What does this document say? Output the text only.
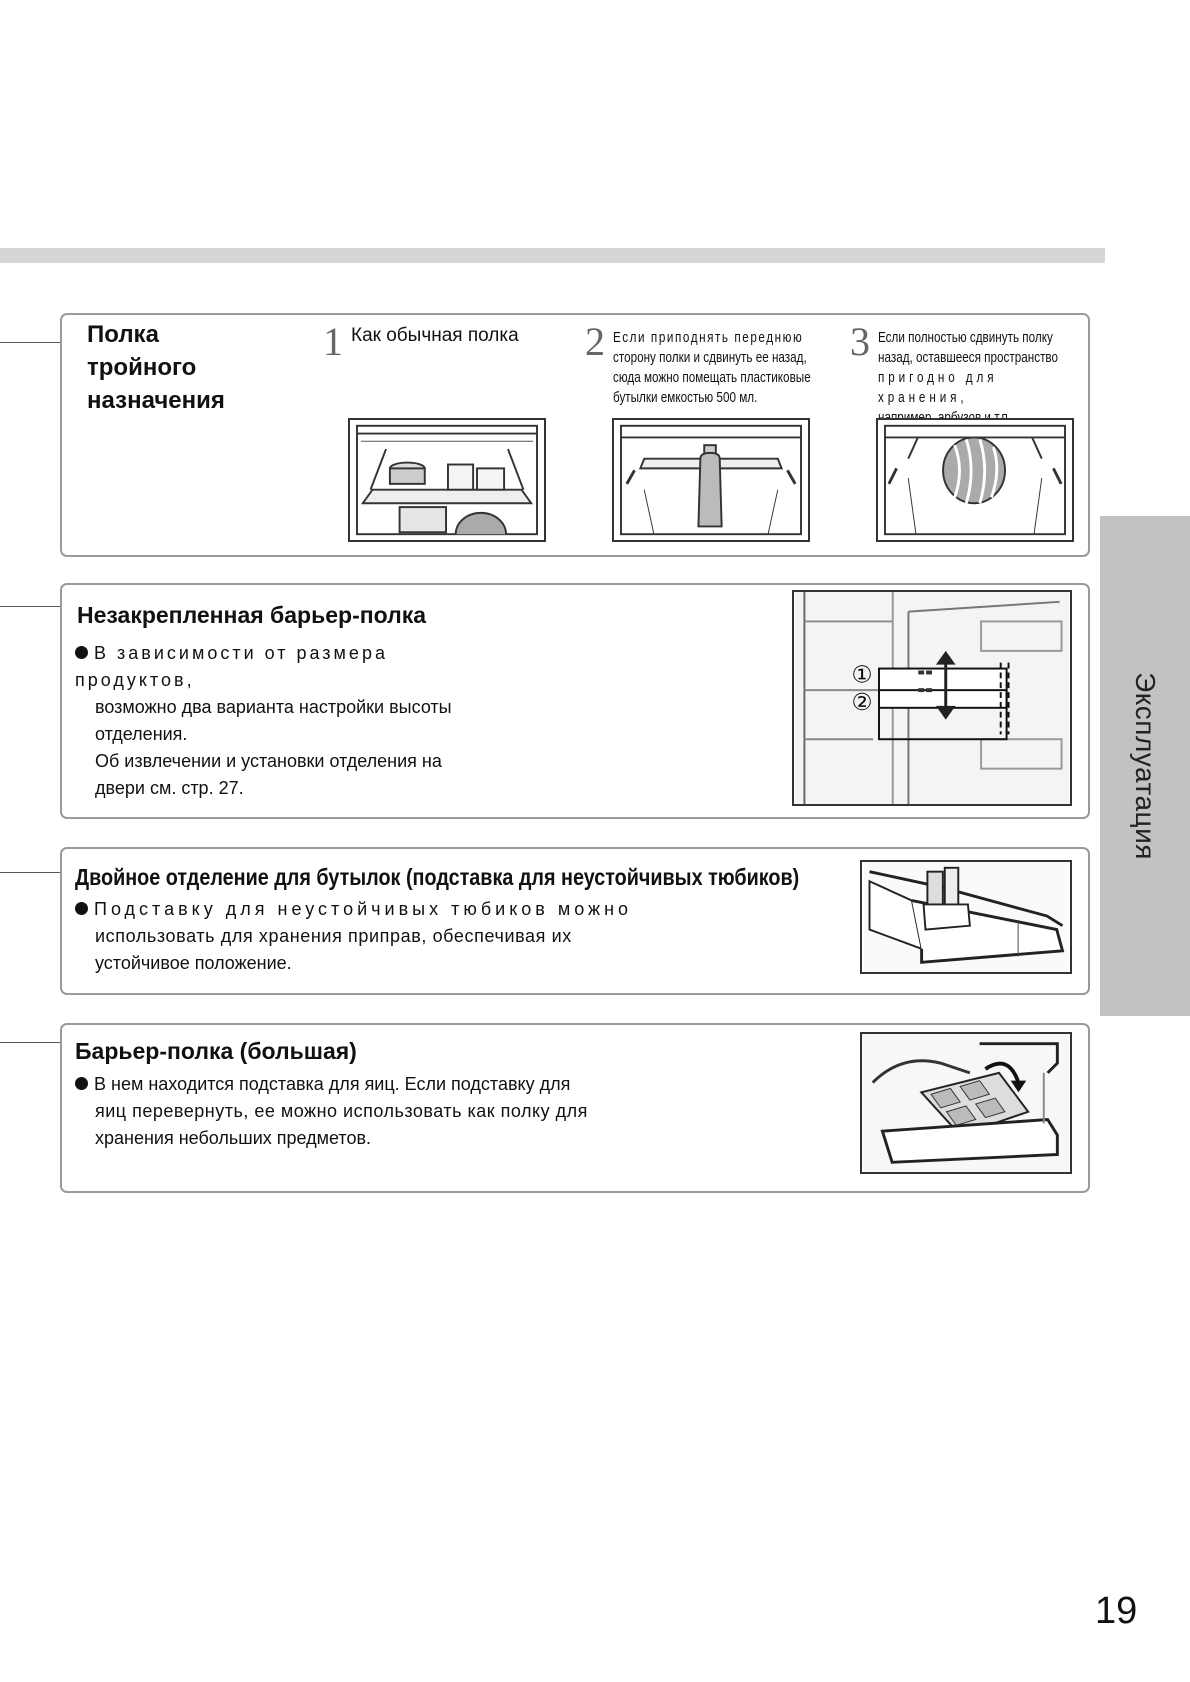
Эксплуатация
Полка
тройного
назначения
1 Как обычная полка	2 Если приподнять переднюю
сторону полки и сдвинуть ее назад,
сюда можно помещать пластиковые
бутылки емкостью 500 мл.
3 Если полностью сдвинуть полку
назад, оставшееся пространство
пригодно для хранения,
Незакрепленная барьер-полка
В зависимости от размера продуктов,
возможно два варианта настройки высоты
отделения.
Об извлечении и установки отделения на
двери см. стр. 27.
①
②
Двойное отделение для бутылок (подставка для неустойчивых тюбиков)
Подставку для неустойчивых тюбиков можно
использовать для хранения приправ, обеспечивая их
устойчивое положение.
Барьер-полка (большая)
В нем находится подставка для яиц. Если подставку для
яиц перевернуть, ее можно использовать как полку для
хранения небольших предметов.
19
